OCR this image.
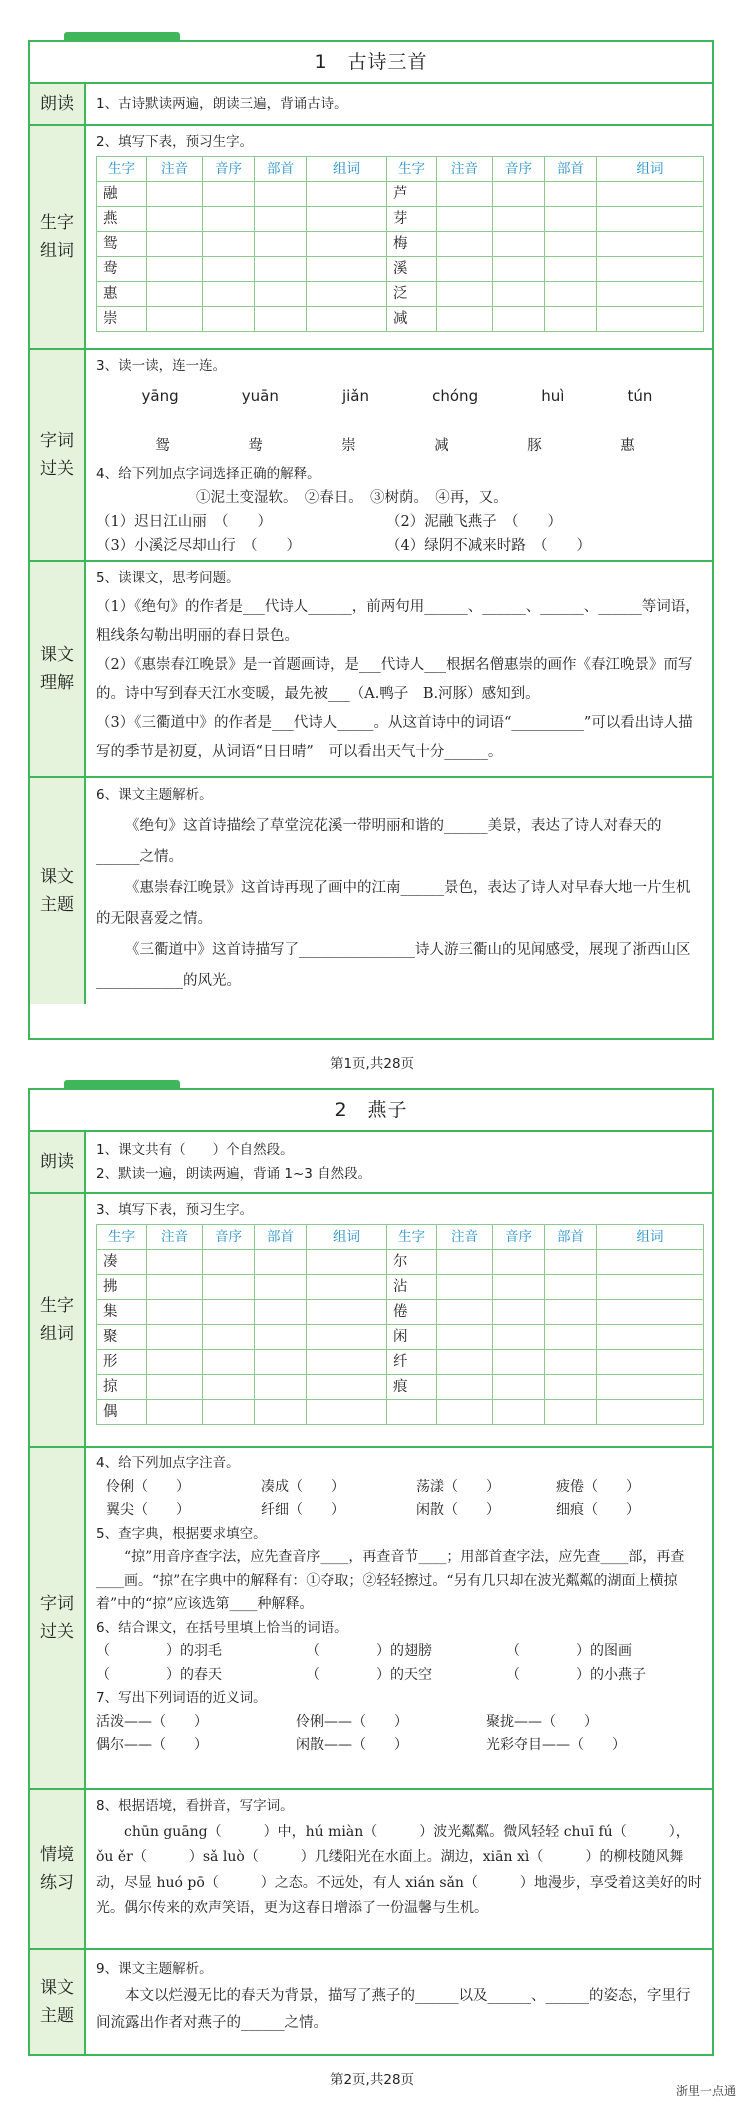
1　古诗三首
朗读	1、古诗默读两遍，朗读三遍，背诵古诗。
生字
组词
2、填写下表，预习生字。
生字	注音	音序	部首	组词	生字	注音	音序	部首	组词
融					芦				
燕					芽				
鸳					梅				
鸯					溪				
惠					泛				
崇					减				
字词
过关
3、读一读，连一连。
yāng	yuān	jiǎn	chóng	huì	tún
鸳	鸯	崇	减	豚	惠
4、给下列加点字词选择正确的解释。
①泥土变湿软。　②春日。　③树荫。　④再，又。
（1）迟日江山丽　（　　）	（2）泥融飞燕子　（　　）
（3）小溪泛尽却山行　（　　）	（4）绿阴不减来时路　（　　）
课文
理解
5、读课文，思考问题。
（1）《绝句》的作者是___代诗人______，前两句用______、______、______、______等词语，粗线条勾勒出明丽的春日景色。
（2）《惠崇春江晚景》是一首题画诗，是___代诗人___根据名僧惠崇的画作《春江晚景》而写的。诗中写到春天江水变暖，最先被___（A.鸭子　B.河豚）感知到。
（3）《三衢道中》的作者是___代诗人_____。从这首诗中的词语“__________”可以看出诗人描写的季节是初夏，从词语“日日晴”　可以看出天气十分______。
课文
主题
6、课文主题解析。
《绝句》这首诗描绘了草堂浣花溪一带明丽和谐的______美景，表达了诗人对春天的______之情。
《惠崇春江晚景》这首诗再现了画中的江南______景色，表达了诗人对早春大地一片生机的无限喜爱之情。
《三衢道中》这首诗描写了________________诗人游三衢山的见闻感受，展现了浙西山区____________的风光。
第1页,共28页
2　燕子
朗读
1、课文共有（　　）个自然段。
2、默读一遍，朗读两遍，背诵 1~3 自然段。
生字
组词
3、填写下表，预习生字。
生字	注音	音序	部首	组词	生字	注音	音序	部首	组词
凑					尔				
拂					沾				
集					倦				
聚					闲				
形					纤				
掠					痕				
偶									
字词
过关
4、给下列加点字注音。
伶俐（　　）	凑成（　　）	荡漾（　　）	疲倦（　　）
翼尖（　　）	纤细（　　）	闲散（　　）	细痕（　　）
5、查字典，根据要求填空。
“掠”用音序查字法，应先查音序____，再查音节____；用部首查字法，应先查____部，再查____画。“掠”在字典中的解释有：①夺取；②轻轻擦过。“另有几只却在波光粼粼的湖面上横掠着”中的“掠”应该选第____种解释。
6、结合课文，在括号里填上恰当的词语。
（　　　　）的羽毛	（　　　　）的翅膀	（　　　　）的图画
（　　　　）的春天	（　　　　）的天空	（　　　　）的小燕子
7、写出下列词语的近义词。
活泼——（　　）	伶俐——（　　）	聚拢——（　　）
偶尔——（　　）	闲散——（　　）	光彩夺目——（　　）
情境
练习
8、根据语境，看拼音，写字词。
chūn guāng（　　　）中，hú miàn（　　　）波光粼粼。微风轻轻 chuī fú（　　　），ǒu ěr（　　　）sǎ luò（　　　）几缕阳光在水面上。湖边，xiān xì（　　　）的柳枝随风舞动，尽显 huó pō（　　　）之态。不远处，有人 xián sǎn（　　　）地漫步，享受着这美好的时光。偶尔传来的欢声笑语，更为这春日增添了一份温馨与生机。
课文
主题
9、课文主题解析。
本文以烂漫无比的春天为背景，描写了燕子的______以及______、______的姿态，字里行间流露出作者对燕子的______之情。
第2页,共28页
浙里一点通
